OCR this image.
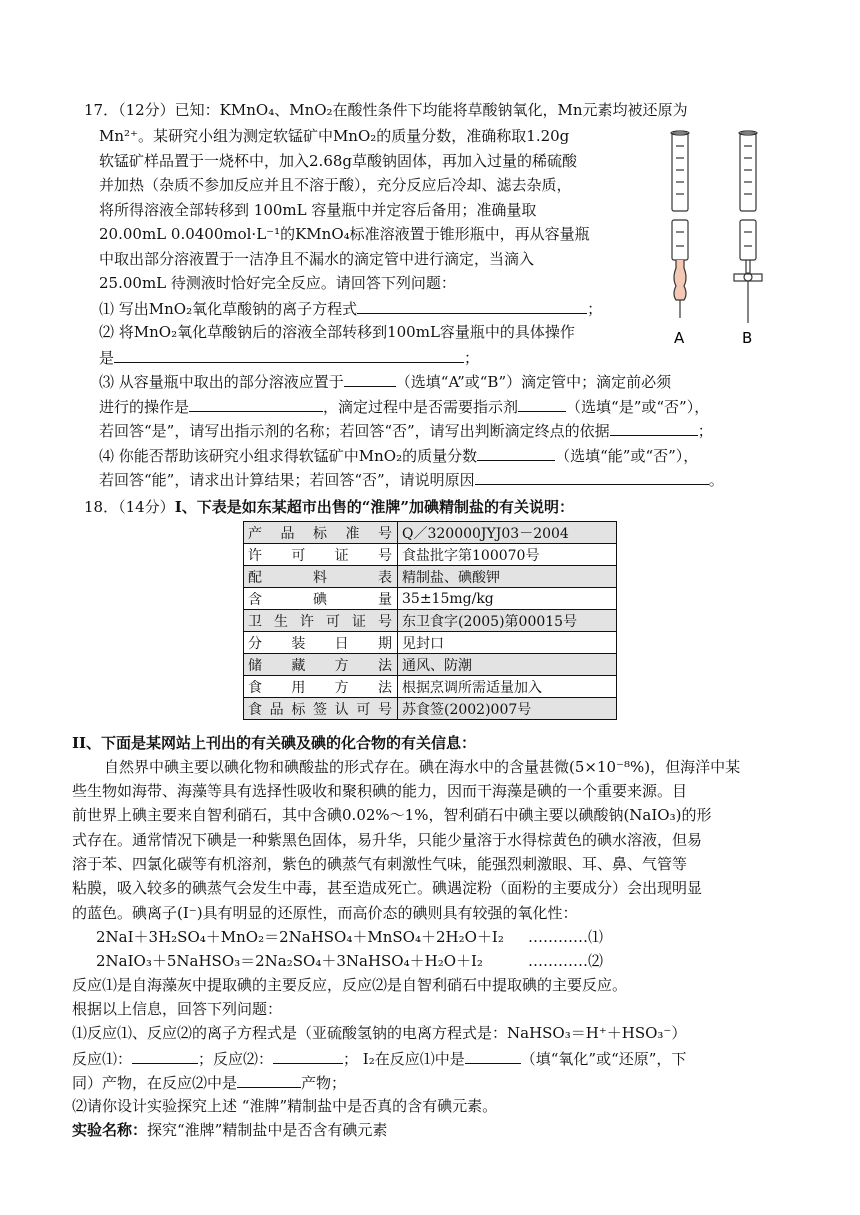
17．（12分）已知：KMnO₄、MnO₂在酸性条件下均能将草酸钠氧化，Mn元素均被还原为
Mn²⁺。某研究小组为测定软锰矿中MnO₂的质量分数，准确称取1.20g
软锰矿样品置于一烧杯中，加入2.68g草酸钠固体，再加入过量的稀硫酸
并加热（杂质不参加反应并且不溶于酸），充分反应后冷却、滤去杂质，
将所得溶液全部转移到 100mL 容量瓶中并定容后备用；准确量取
20.00mL 0.0400mol·L⁻¹的KMnO₄标准溶液置于锥形瓶中，再从容量瓶
中取出部分溶液置于一洁净且不漏水的滴定管中进行滴定，当滴入
25.00mL 待测液时恰好完全反应。请回答下列问题：
⑴ 写出MnO₂氧化草酸钠的离子方程式	；
⑵ 将MnO₂氧化草酸钠后的溶液全部转移到100mL容量瓶中的具体操作
是	；
⑶ 从容量瓶中取出的部分溶液应置于	（选填“A”或“B”）滴定管中；滴定前必须
进行的操作是	，滴定过程中是否需要指示剂	（选填“是”或“否”），
若回答“是”，请写出指示剂的名称；若回答“否”，请写出判断滴定终点的依据	；
⑷ 你能否帮助该研究小组求得软锰矿中MnO₂的质量分数	（选填“能”或“否”），
若回答“能”，请求出计算结果；若回答“否”，请说明原因	。
A	B
18．（14分）I、下表是如东某超市出售的“淮牌”加碘精制盐的有关说明：
产品标准号	Q／320000JYJ03－2004
许可证号	食盐批字第100070号
配料表	精制盐、碘酸钾
含碘量	35±15mg/kg
卫生许可证号	东卫食字(2005)第00015号
分装日期	见封口
储藏方法	通风、防潮
食用方法	根据烹调所需适量加入
食品标签认可号	苏食签(2002)007号
II、下面是某网站上刊出的有关碘及碘的化合物的有关信息：
自然界中碘主要以碘化物和碘酸盐的形式存在。碘在海水中的含量甚微(5×10⁻⁸%)，但海洋中某
些生物如海带、海藻等具有选择性吸收和聚积碘的能力，因而干海藻是碘的一个重要来源。目
前世界上碘主要来自智利硝石，其中含碘0.02%～1%，智利硝石中碘主要以碘酸钠(NaIO₃)的形
式存在。通常情况下碘是一种紫黑色固体，易升华，只能少量溶于水得棕黄色的碘水溶液，但易
溶于苯、四氯化碳等有机溶剂，紫色的碘蒸气有刺激性气味，能强烈刺激眼、耳、鼻、气管等
粘膜，吸入较多的碘蒸气会发生中毒，甚至造成死亡。碘遇淀粉（面粉的主要成分）会出现明显
的蓝色。碘离子(I⁻)具有明显的还原性，而高价态的碘则具有较强的氧化性：
2NaI＋3H₂SO₄＋MnO₂＝2NaHSO₄＋MnSO₄＋2H₂O＋I₂ …………⑴
2NaIO₃＋5NaHSO₃＝2Na₂SO₄＋3NaHSO₄＋H₂O＋I₂	…………⑵
反应⑴是自海藻灰中提取碘的主要反应，反应⑵是自智利硝石中提取碘的主要反应。
根据以上信息，回答下列问题：
⑴反应⑴、反应⑵的离子方程式是（亚硫酸氢钠的电离方程式是：NaHSO₃＝H⁺＋HSO₃⁻）
反应⑴：	；反应⑵：	； I₂在反应⑴中是	（填“氧化”或“还原”，下
同）产物，在反应⑵中是	产物；
⑵请你设计实验探究上述 “淮牌”精制盐中是否真的含有碘元素。
实验名称：探究“淮牌”精制盐中是否含有碘元素
